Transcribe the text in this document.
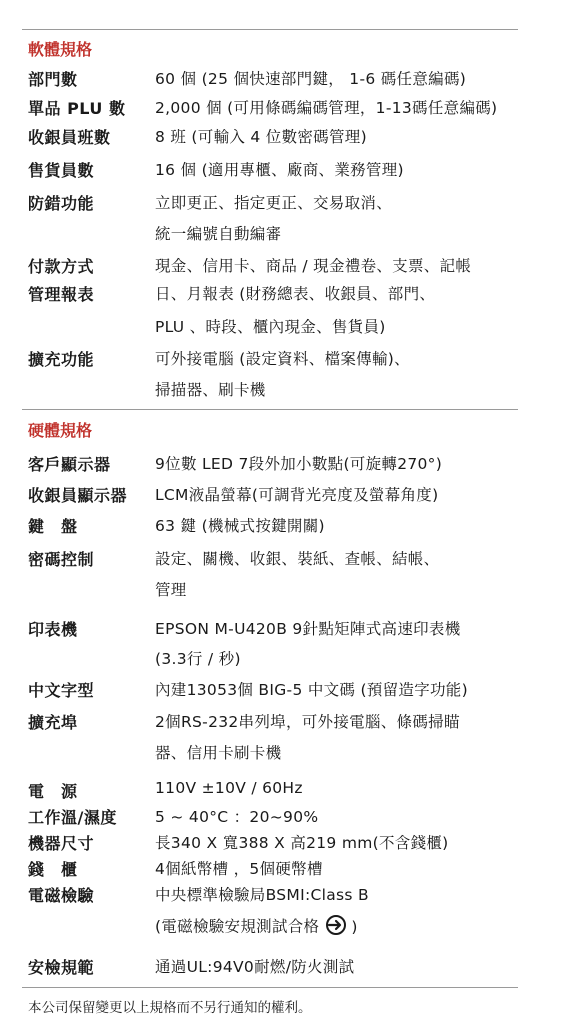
軟體規格
部門數	60 個 (25 個快速部門鍵， 1-6 碼任意編碼)
單品 PLU 數 2,000 個 (可用條碼編碼管理，1-13碼任意編碼)
收銀員班數	8 班 (可輸入 4 位數密碼管理)
售貨員數	16 個 (適用專櫃、廠商、業務管理)
防錯功能	立即更正、指定更正、交易取消、
統一編號自動編審
付款方式	現金、信用卡、商品 / 現金禮卷、支票、記帳
管理報表	日、月報表 (財務總表、收銀員、部門、
PLU 、時段、櫃內現金、售貨員)
擴充功能	可外接電腦 (設定資料、檔案傳輸)、
掃描器、刷卡機
硬體規格
客戶顯示器	9位數 LED 7段外加小數點(可旋轉270°)
收銀員顯示器 LCM液晶螢幕(可調背光亮度及螢幕角度)
鍵　盤	63 鍵 (機械式按鍵開關)
密碼控制	設定、關機、收銀、裝紙、查帳、結帳、
管理
印表機	EPSON M-U420B 9針點矩陣式高速印表機
(3.3行 / 秒)
中文字型	內建13053個 BIG-5 中文碼 (預留造字功能)
擴充埠	2個RS-232串列埠，可外接電腦、條碼掃瞄
器、信用卡刷卡機
電　源	110V ±10V / 60Hz
工作溫/濕度 5 ~ 40°C ：20~90%
機器尺寸	長340 X 寬388 X 高219 mm(不含錢櫃)
錢　櫃	4個紙幣槽 ，5個硬幣槽
電磁檢驗	中央標準檢驗局BSMI:Class B
(電磁檢驗安規測試合格 )
安檢規範	通過UL:94V0耐燃/防火測試
本公司保留變更以上規格而不另行通知的權利。
